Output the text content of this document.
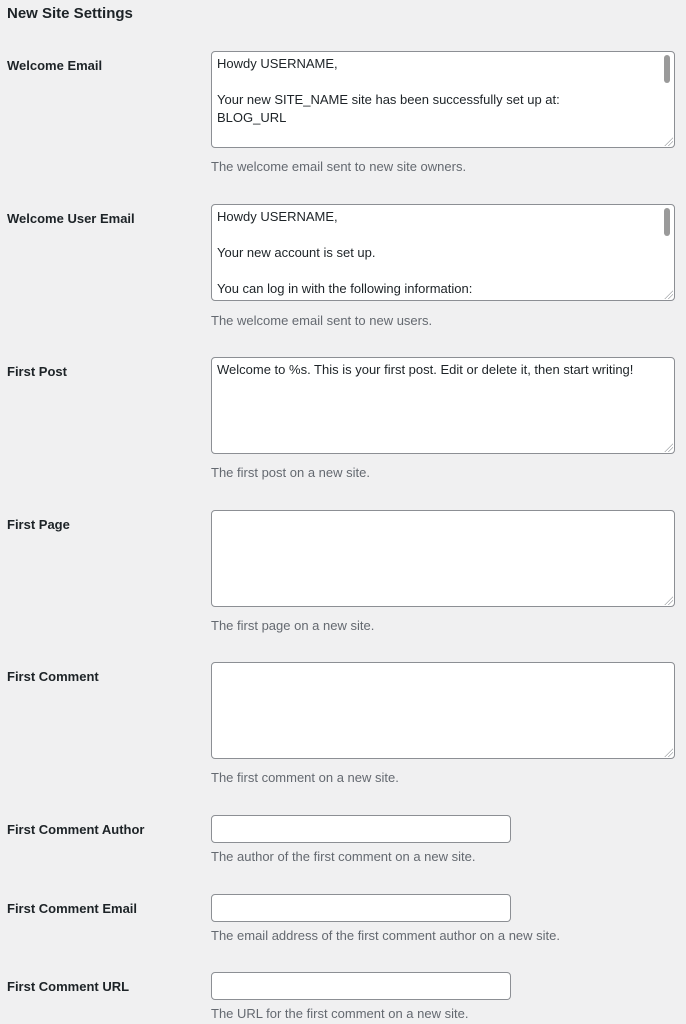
New Site Settings
Welcome Email	Howdy USERNAME,

Your new SITE_NAME site has been successfully set up at:
BLOG_URL
The welcome email sent to new site owners.
Welcome User Email	Howdy USERNAME,

Your new account is set up.

You can log in with the following information:
The welcome email sent to new users.
First Post	Welcome to %s. This is your first post. Edit or delete it, then start writing!
The first post on a new site.
First Page
The first page on a new site.
First Comment
The first comment on a new site.
First Comment Author
The author of the first comment on a new site.
First Comment Email
The email address of the first comment author on a new site.
First Comment URL
The URL for the first comment on a new site.
